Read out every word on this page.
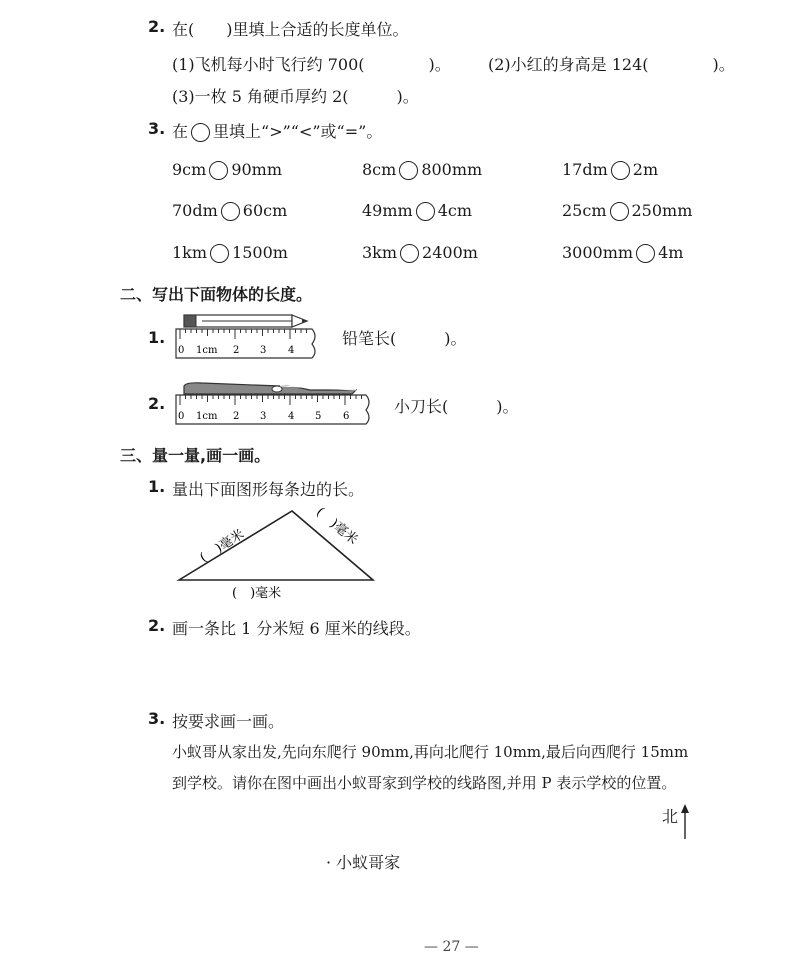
2. 在(　　)里填上合适的长度单位。
(1)飞机每小时飞行约 700(　　　　)。 (2)小红的身高是 124(　　　　)。
(3)一枚 5 角硬币厚约 2(　　　)。
3. 在 里填上“>”“<”或“=”。
9cm 90mm	8cm 800mm	17dm 2m
70dm 60cm	49mm 4cm	25cm 250mm
1km 1500m	3km 2400m	3000mm 4m
二、写出下面物体的长度。
1.
0 1cm 2 3 4
铅笔长(　　　)。
2.
0 1cm 2 3 4 5 6
小刀长(　　　)。
三、量一量,画一画。
1. 量出下面图形每条边的长。
(　)毫米	(　)毫米
(　)毫米
2. 画一条比 1 分米短 6 厘米的线段。
3. 按要求画一画。
小蚁哥从家出发,先向东爬行 90mm,再向北爬行 10mm,最后向西爬行 15mm
到学校。请你在图中画出小蚁哥家到学校的线路图,并用 P 表示学校的位置。
北
· 小蚁哥家
— 27 —
